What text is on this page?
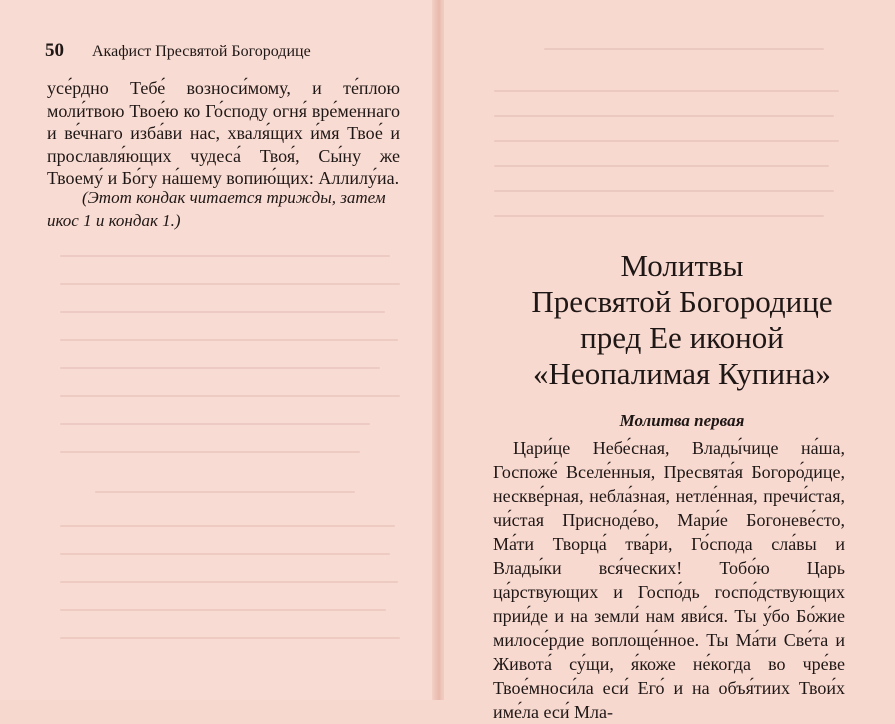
50 Акафист Пресвятой Богородице

усе́рдно Тебе́ возноси́мому, и те́плою моли́твою Твое́ю ко Го́споду огня́ вре́меннаго и ве́чнаго изба́ви нас, хваля́щих и́мя Твое́ и прославля́ющих чудеса́ Твоя́, Сы́ну же Твоему́ и Бо́гу на́шему вопию́щих: Аллилу́иа.

(Этот кондак читается трижды, затем икос 1 и кондак 1.)
Молитвы
Пресвятой Богородице
пред Ее иконой
«Неопалимая Купина»
Молитва первая

Цари́це Небе́сная, Влады́чице на́ша, Госпоже́ Вселе́нныя, Пресвята́я Богоро́дице, нескве́рная, небла́зная, нетле́нная, пречи́стая, чи́стая Присноде́во, Мари́е Богоневе́сто, Ма́ти Творца́ тва́ри, Го́спода сла́вы и Влады́ки вся́ческих! Тобо́ю Царь ца́рствующих и Госпо́дь госпо́дствующих прии́де и на земли́ нам яви́ся. Ты у́бо Бо́жие милосе́рдие воплоще́нное. Ты Ма́ти Све́та и Живота́ су́щи, я́коже не́когда во чре́ве Твое́мноси́ла еси́ Его́ и на объя́тиих Твои́х име́ла еси́ Мла-
